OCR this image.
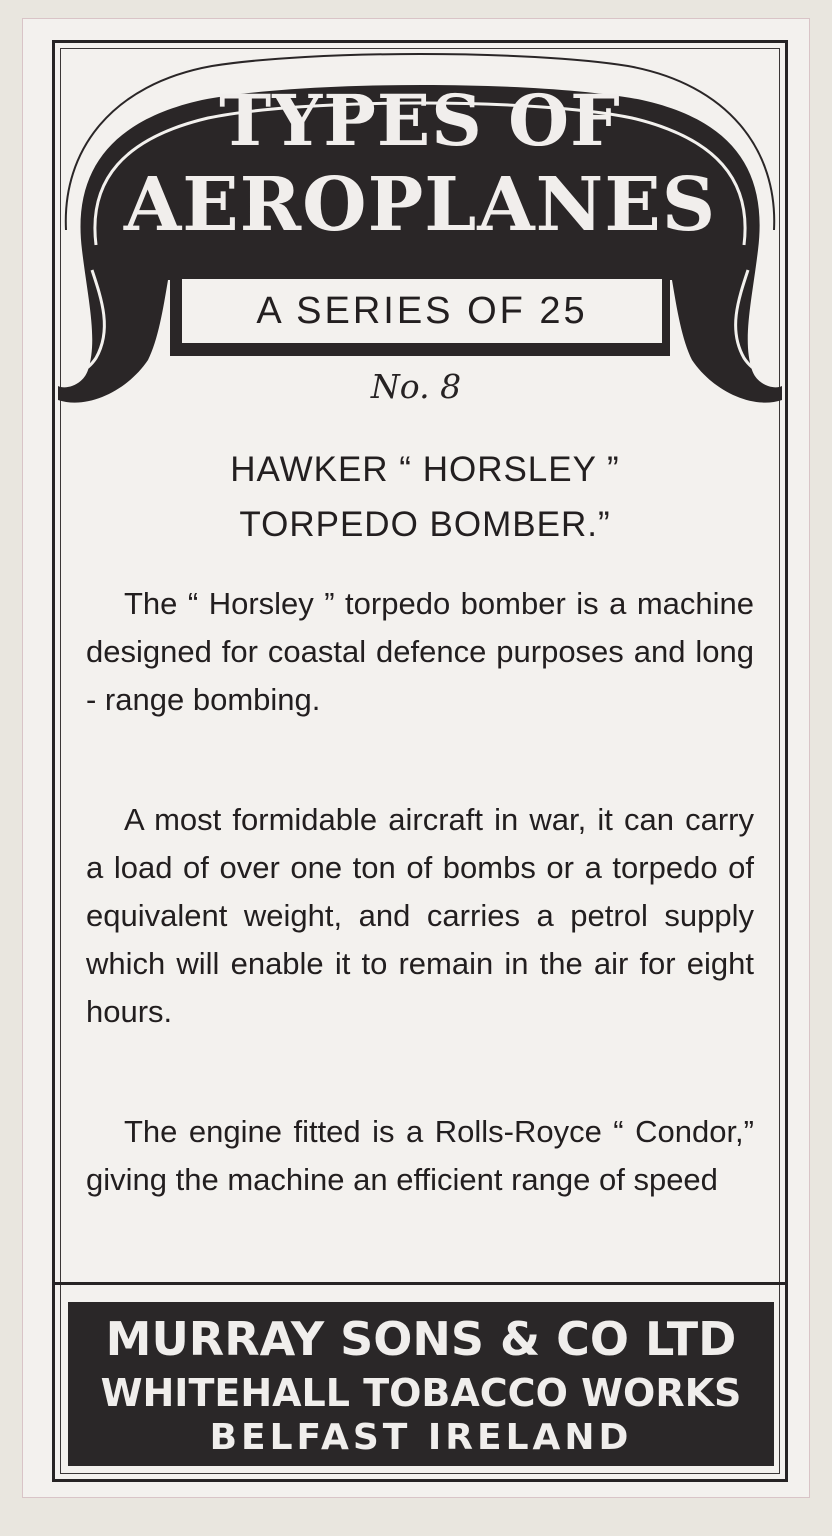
TYPES OF
AEROPLANES
A SERIES OF 25
No. 8
HAWKER “ HORSLEY ”
TORPEDO BOMBER.”

The “ Horsley ” torpedo bomber is a machine designed for coastal defence purposes and long - range bombing.

A most formidable aircraft in war, it can carry a load of over one ton of bombs or a torpedo of equivalent weight, and carries a petrol supply which will enable it to remain in the air for eight hours.

The engine fitted is a Rolls-Royce “ Condor,” giving the machine an efficient range of speed

MURRAY SONS & CO LTD
WHITEHALL TOBACCO WORKS
BELFAST IRELAND
